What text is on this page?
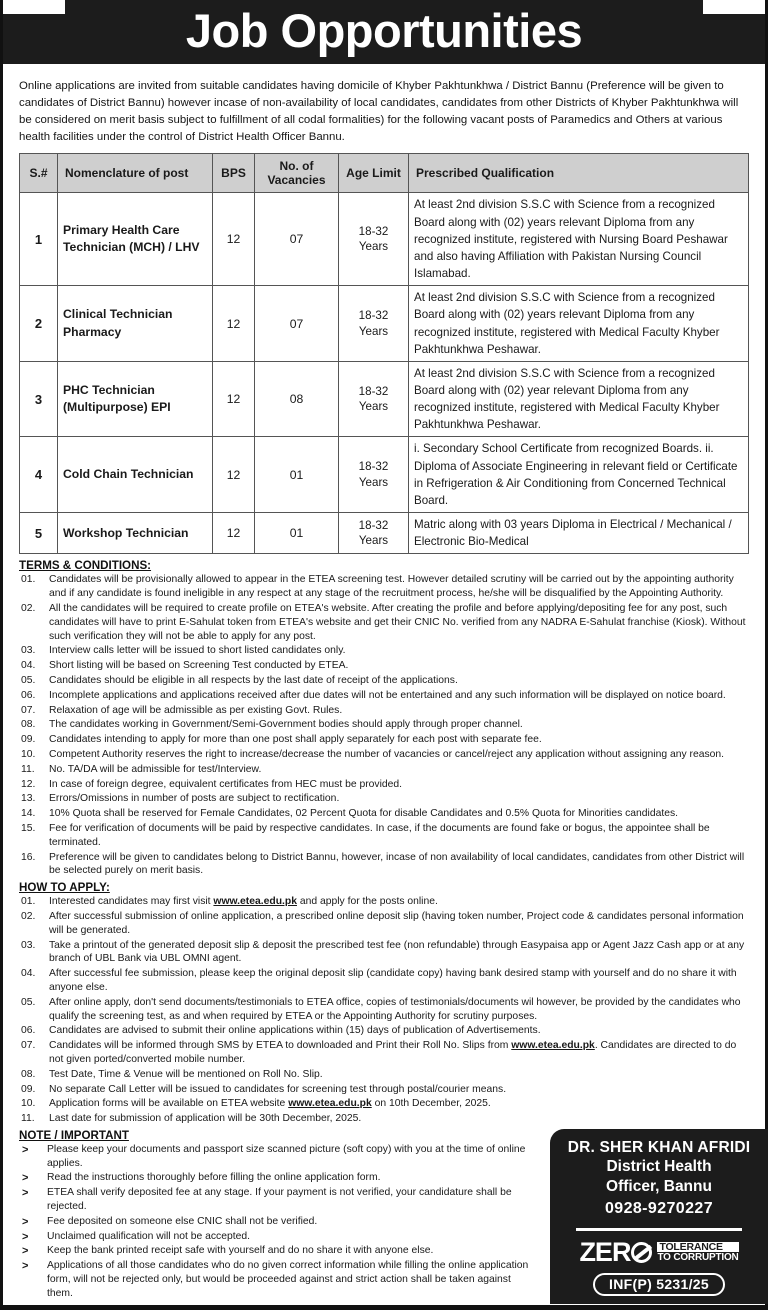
Job Opportunities
Online applications are invited from suitable candidates having domicile of Khyber Pakhtunkhwa / District Bannu (Preference will be given to candidates of District Bannu) however incase of non-availability of local candidates, candidates from other Districts of Khyber Pakhtunkhwa will be considered on merit basis subject to fulfillment of all codal formalities) for the following vacant posts of Paramedics and Others at various health facilities under the control of District Health Officer Bannu.
S.#	Nomenclature of post	BPS	No. of Vacancies	Age Limit	Prescribed Qualification
1	Primary Health Care Technician (MCH) / LHV	12	07	18-32 Years	At least 2nd division S.S.C with Science from a recognized Board along with (02) years relevant Diploma from any recognized institute, registered with Nursing Board Peshawar and also having Affiliation with Pakistan Nursing Council Islamabad.
2	Clinical Technician Pharmacy	12	07	18-32 Years	At least 2nd division S.S.C with Science from a recognized Board along with (02) years relevant Diploma from any recognized institute, registered with Medical Faculty Khyber Pakhtunkhwa Peshawar.
3	PHC Technician (Multipurpose) EPI	12	08	18-32 Years	At least 2nd division S.S.C with Science from a recognized Board along with (02) year relevant Diploma from any recognized institute, registered with Medical Faculty Khyber Pakhtunkhwa Peshawar.
4	Cold Chain Technician	12	01	18-32 Years	i. Secondary School Certificate from recognized Boards. ii. Diploma of Associate Engineering in relevant field or Certificate in Refrigeration & Air Conditioning from Concerned Technical Board.
5	Workshop Technician	12	01	18-32 Years	Matric along with 03 years Diploma in Electrical / Mechanical / Electronic Bio-Medical
TERMS & CONDITIONS:
01.	Candidates will be provisionally allowed to appear in the ETEA screening test. However detailed scrutiny will be carried out by the appointing authority and if any candidate is found ineligible in any respect at any stage of the recruitment process, he/she will be disqualified by the Appointing Authority.
02.	All the candidates will be required to create profile on ETEA's website. After creating the profile and before applying/depositing fee for any post, such candidates will have to print E-Sahulat token from ETEA's website and get their CNIC No. verified from any NADRA E-Sahulat franchise (Kiosk). Without such verification they will not be able to apply for any post.
03.	Interview calls letter will be issued to short listed candidates only.
04.	Short listing will be based on Screening Test conducted by ETEA.
05.	Candidates should be eligible in all respects by the last date of receipt of the applications.
06.	Incomplete applications and applications received after due dates will not be entertained and any such information will be displayed on notice board.
07.	Relaxation of age will be admissible as per existing Govt. Rules.
08.	The candidates working in Government/Semi-Government bodies should apply through proper channel.
09.	Candidates intending to apply for more than one post shall apply separately for each post with separate fee.
10.	Competent Authority reserves the right to increase/decrease the number of vacancies or cancel/reject any application without assigning any reason.
11.	No. TA/DA will be admissible for test/Interview.
12.	In case of foreign degree, equivalent certificates from HEC must be provided.
13.	Errors/Omissions in number of posts are subject to rectification.
14.	10% Quota shall be reserved for Female Candidates, 02 Percent Quota for disable Candidates and 0.5% Quota for Minorities candidates.
15.	Fee for verification of documents will be paid by respective candidates. In case, if the documents are found fake or bogus, the appointee shall be terminated.
16.	Preference will be given to candidates belong to District Bannu, however, incase of non availability of local candidates, candidates from other District will be selected purely on merit basis.
HOW TO APPLY:
01.	Interested candidates may first visit www.etea.edu.pk and apply for the posts online.
02.	After successful submission of online application, a prescribed online deposit slip (having token number, Project code & candidates personal information will be generated.
03.	Take a printout of the generated deposit slip & deposit the prescribed test fee (non refundable) through Easypaisa app or Agent Jazz Cash app or at any branch of UBL Bank via UBL OMNI agent.
04.	After successful fee submission, please keep the original deposit slip (candidate copy) having bank desired stamp with yourself and do no share it with anyone else.
05.	After online apply, don't send documents/testimonials to ETEA office, copies of testimonials/documents wil however, be provided by the candidates who qualify the screening test, as and when required by ETEA or the Appointing Authority for scrutiny purposes.
06.	Candidates are advised to submit their online applications within (15) days of publication of Advertisements.
07.	Candidates will be informed through SMS by ETEA to downloaded and Print their Roll No. Slips from www.etea.edu.pk. Candidates are directed to do not given ported/converted mobile number.
08.	Test Date, Time & Venue will be mentioned on Roll No. Slip.
09.	No separate Call Letter will be issued to candidates for screening test through postal/courier means.
10.	Application forms will be available on ETEA website www.etea.edu.pk on 10th December, 2025.
11.	Last date for submission of application will be 30th December, 2025.
DR. SHER KHAN AFRIDI
District Health
Officer, Bannu
0928-9270227
ZER	TOLERANCE
TO CORRUPTION
INF(P) 5231/25
NOTE / IMPORTANT
> Please keep your documents and passport size scanned picture (soft copy) with you at the time of online applies.
> Read the instructions thoroughly before filling the online application form.
> ETEA shall verify deposited fee at any stage. If your payment is not verified, your candidature shall be rejected.
> Fee deposited on someone else CNIC shall not be verified.
> Unclaimed qualification will not be accepted.
> Keep the bank printed receipt safe with yourself and do no share it with anyone else.
> Applications of all those candidates who do no given correct information while filling the online application form, will not be rejected only, but would be proceeded against and strict action shall be taken against them.
